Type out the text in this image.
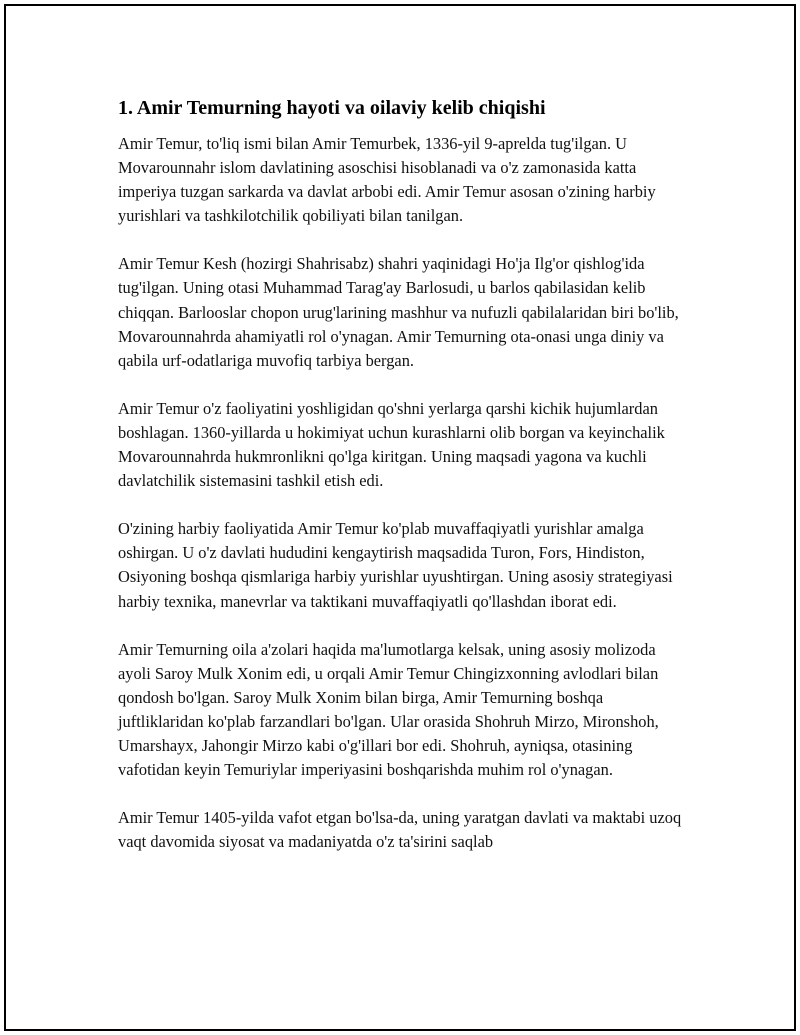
1. Amir Temurning hayoti va oilaviy kelib chiqishi

Amir Temur, to'liq ismi bilan Amir Temurbek, 1336-yil 9-aprelda tug'ilgan. U Movarounnahr islom davlatining asoschisi hisoblanadi va o'z zamonasida katta imperiya tuzgan sarkarda va davlat arbobi edi. Amir Temur asosan o'zining harbiy yurishlari va tashkilotchilik qobiliyati bilan tanilgan.

Amir Temur Kesh (hozirgi Shahrisabz) shahri yaqinidagi Ho'ja Ilg'or qishlog'ida tug'ilgan. Uning otasi Muhammad Tarag'ay Barlosudi, u barlos qabilasidan kelib chiqqan. Barlooslar chopon urug'larining mashhur va nufuzli qabilalaridan biri bo'lib, Movarounnahrda ahamiyatli rol o'ynagan. Amir Temurning ota-onasi unga diniy va qabila urf-odatlariga muvofiq tarbiya bergan.

Amir Temur o'z faoliyatini yoshligidan qo'shni yerlarga qarshi kichik hujumlardan boshlagan. 1360-yillarda u hokimiyat uchun kurashlarni olib borgan va keyinchalik Movarounnahrda hukmronlikni qo'lga kiritgan. Uning maqsadi yagona va kuchli davlatchilik sistemasini tashkil etish edi.

O'zining harbiy faoliyatida Amir Temur ko'plab muvaffaqiyatli yurishlar amalga oshirgan. U o'z davlati hududini kengaytirish maqsadida Turon, Fors, Hindiston, Osiyoning boshqa qismlariga harbiy yurishlar uyushtirgan. Uning asosiy strategiyasi harbiy texnika, manevrlar va taktikani muvaffaqiyatli qo'llashdan iborat edi.

Amir Temurning oila a'zolari haqida ma'lumotlarga kelsak, uning asosiy molizoda ayoli Saroy Mulk Xonim edi, u orqali Amir Temur Chingizxonning avlodlari bilan qondosh bo'lgan. Saroy Mulk Xonim bilan birga, Amir Temurning boshqa juftliklaridan ko'plab farzandlari bo'lgan. Ular orasida Shohruh Mirzo, Mironshoh, Umarshayx, Jahongir Mirzo kabi o'g'illari bor edi. Shohruh, ayniqsa, otasining vafotidan keyin Temuriylar imperiyasini boshqarishda muhim rol o'ynagan.

Amir Temur 1405-yilda vafot etgan bo'lsa-da, uning yaratgan davlati va maktabi uzoq vaqt davomida siyosat va madaniyatda o'z ta'sirini saqlab
